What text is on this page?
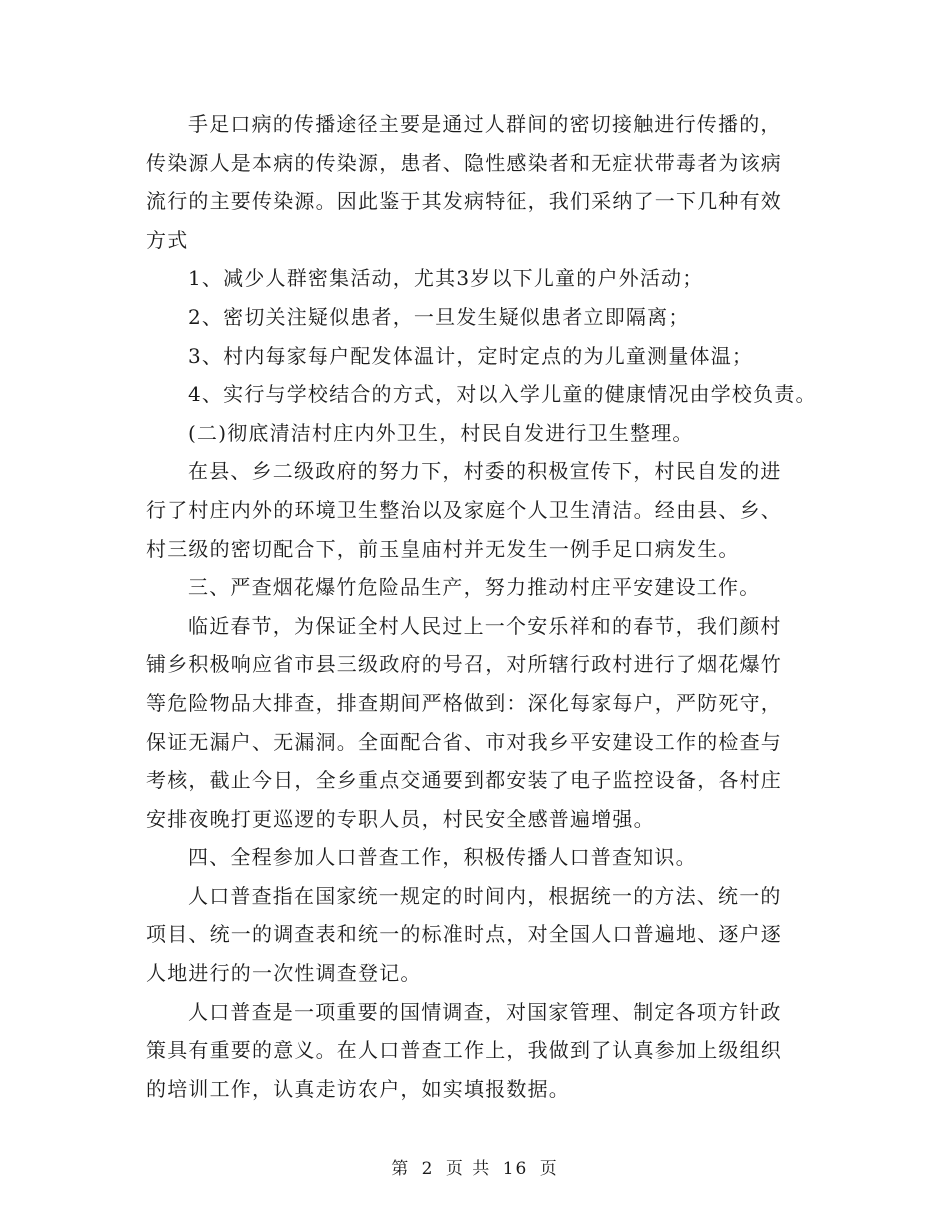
手足口病的传播途径主要是通过人群间的密切接触进行传播的，
传染源人是本病的传染源，患者、隐性感染者和无症状带毒者为该病
流行的主要传染源。因此鉴于其发病特征，我们采纳了一下几种有效
方式
1、减少人群密集活动，尤其3岁以下儿童的户外活动；
2、密切关注疑似患者，一旦发生疑似患者立即隔离；
3、村内每家每户配发体温计，定时定点的为儿童测量体温；
4、实行与学校结合的方式，对以入学儿童的健康情况由学校负责。
(二)彻底清洁村庄内外卫生，村民自发进行卫生整理。
在县、乡二级政府的努力下，村委的积极宣传下，村民自发的进
行了村庄内外的环境卫生整治以及家庭个人卫生清洁。经由县、乡、
村三级的密切配合下，前玉皇庙村并无发生一例手足口病发生。
三、严查烟花爆竹危险品生产，努力推动村庄平安建设工作。
临近春节，为保证全村人民过上一个安乐祥和的春节，我们颜村
铺乡积极响应省市县三级政府的号召，对所辖行政村进行了烟花爆竹
等危险物品大排查，排查期间严格做到：深化每家每户，严防死守，
保证无漏户、无漏洞。全面配合省、市对我乡平安建设工作的检查与
考核，截止今日，全乡重点交通要到都安装了电子监控设备，各村庄
安排夜晚打更巡逻的专职人员，村民安全感普遍增强。
四、全程参加人口普查工作，积极传播人口普查知识。
人口普查指在国家统一规定的时间内，根据统一的方法、统一的
项目、统一的调查表和统一的标准时点，对全国人口普遍地、逐户逐
人地进行的一次性调查登记。
人口普查是一项重要的国情调查，对国家管理、制定各项方针政
策具有重要的意义。在人口普查工作上，我做到了认真参加上级组织
的培训工作，认真走访农户，如实填报数据。
第 2 页 共 16 页
